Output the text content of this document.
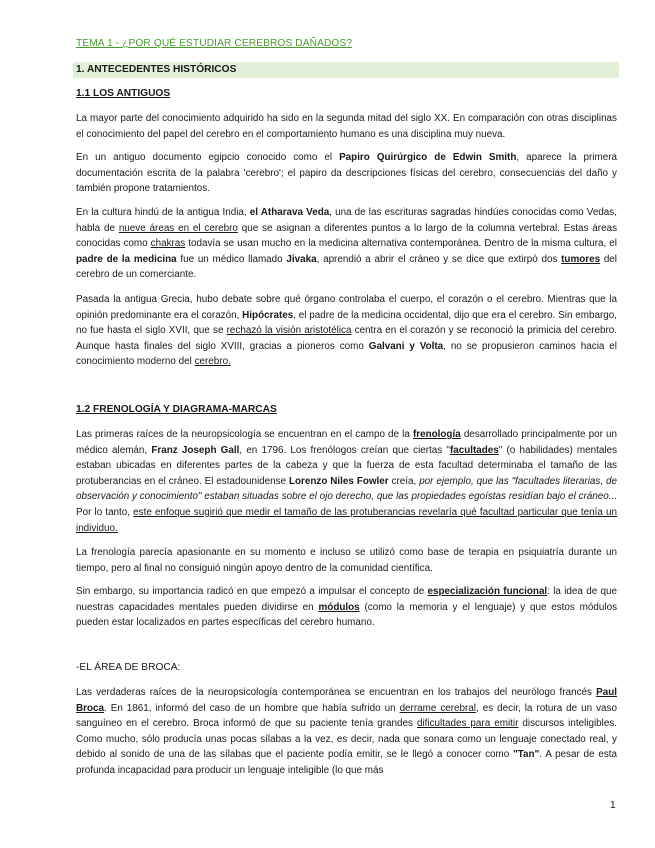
TEMA 1 - ¿POR QUÉ ESTUDIAR CEREBROS DAÑADOS?
1. ANTECEDENTES HISTÓRICOS
1.1 LOS ANTIGUOS
La mayor parte del conocimiento adquirido ha sido en la segunda mitad del siglo XX. En comparación con otras disciplinas el conocimiento del papel del cerebro en el comportamiento humano es una disciplina muy nueva.
En un antiguo documento egipcio conocido como el Papiro Quirúrgico de Edwin Smith, aparece la primera documentación escrita de la palabra 'cerebro'; el papiro da descripciones físicas del cerebro, consecuencias del daño y también propone tratamientos.
En la cultura hindú de la antigua India, el Atharava Veda, una de las escrituras sagradas hindúes conocidas como Vedas, habla de nueve áreas en el cerebro que se asignan a diferentes puntos a lo largo de la columna vertebral. Estas áreas conocidas como chakras todavía se usan mucho en la medicina alternativa contemporánea. Dentro de la misma cultura, el padre de la medicina fue un médico llamado Jivaka, aprendió a abrir el cráneo y se dice que extirpó dos tumores del cerebro de un comerciante.
Pasada la antigua Grecia, hubo debate sobre qué órgano controlaba el cuerpo, el corazón o el cerebro. Mientras que la opinión predominante era el corazón, Hipócrates, el padre de la medicina occidental, dijo que era el cerebro. Sin embargo, no fue hasta el siglo XVII, que se rechazó la visión aristotélica centra en el corazón y se reconoció la primicia del cerebro. Aunque hasta finales del siglo XVIII, gracias a pioneros como Galvani y Volta, no se propusieron caminos hacia el conocimiento moderno del cerebro.
1.2 FRENOLOGÍA Y DIAGRAMA-MARCAS
Las primeras raíces de la neuropsicología se encuentran en el campo de la frenología desarrollado principalmente por un médico alemán, Franz Joseph Gall, en 1796. Los frenólogos creían que ciertas "facultades" (o habilidades) mentales estaban ubicadas en diferentes partes de la cabeza y que la fuerza de esta facultad determinaba el tamaño de las protuberancias en el cráneo. El estadounidense Lorenzo Niles Fowler creía, por ejemplo, que las "facultades literarias, de observación y conocimiento" estaban situadas sobre el ojo derecho, que las propiedades egoístas residían bajo el cráneo... Por lo tanto, este enfoque sugirió que medir el tamaño de las protuberancias revelaría qué facultad particular que tenía un individuo.
La frenología parecía apasionante en su momento e incluso se utilizó como base de terapia en psiquiatría durante un tiempo, pero al final no consiguió ningún apoyo dentro de la comunidad científica.
Sin embargo, su importancia radicó en que empezó a impulsar el concepto de especialización funcional: la idea de que nuestras capacidades mentales pueden dividirse en módulos (como la memoria y el lenguaje) y que estos módulos pueden estar localizados en partes específicas del cerebro humano.
-EL ÁREA DE BROCA:
Las verdaderas raíces de la neuropsicología contemporánea se encuentran en los trabajos del neurólogo francés Paul Broca. En 1861, informó del caso de un hombre que había sufrido un derrame cerebral, es decir, la rotura de un vaso sanguíneo en el cerebro. Broca informó de que su paciente tenía grandes dificultades para emitir discursos inteligibles. Como mucho, sólo producía unas pocas sílabas a la vez, es decir, nada que sonara como un lenguaje conectado real, y debido al sonido de una de las sílabas que el paciente podía emitir, se le llegó a conocer como "Tan". A pesar de esta profunda incapacidad para producir un lenguaje inteligible (lo que más
1
